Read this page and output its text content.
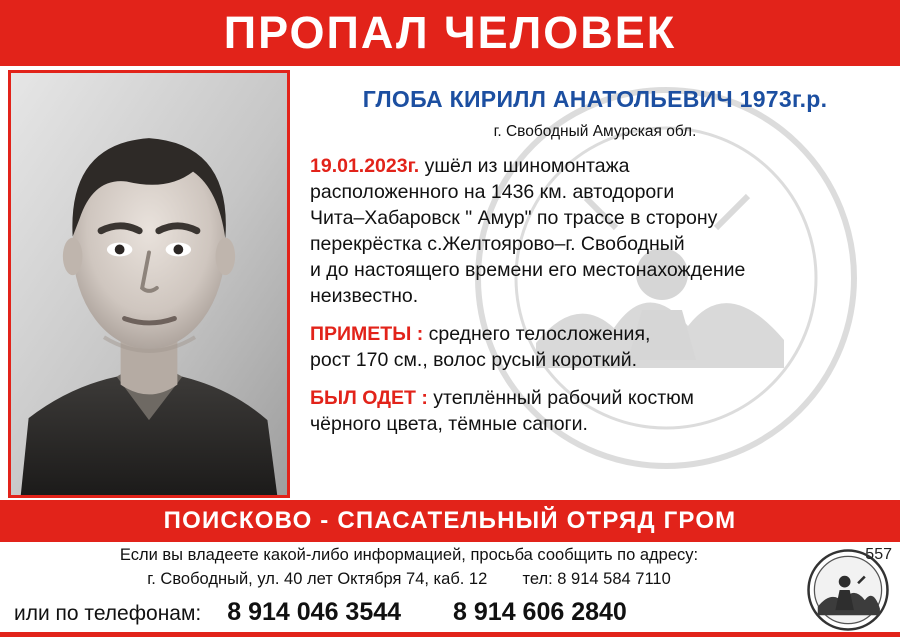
ПРОПАЛ ЧЕЛОВЕК
ГЛОБА КИРИЛЛ АНАТОЛЬЕВИЧ 1973г.р.
г. Свободный Амурская обл.
19.01.2023г. ушёл из шиномонтажа
расположенного на 1436 км. автодороги
Чита–Хабаровск " Амур" по трассе в сторону
перекрёстка с.Желтоярово–г. Свободный
и до настоящего времени его местонахождение
неизвестно.
ПРИМЕТЫ : среднего телосложения,
рост 170 см., волос русый короткий.
БЫЛ ОДЕТ : утеплённый рабочий костюм
чёрного цвета, тёмные сапоги.
ПОИСКОВО - СПАСАТЕЛЬНЫЙ ОТРЯД ГРОМ
Если вы владеете какой-либо информацией, просьба сообщить по адресу:
г. Свободный, ул. 40 лет Октября 74, каб. 12 тел: 8 914 584 7110
или по телефонам: 8 914 046 3544 8 914 606 2840
557
